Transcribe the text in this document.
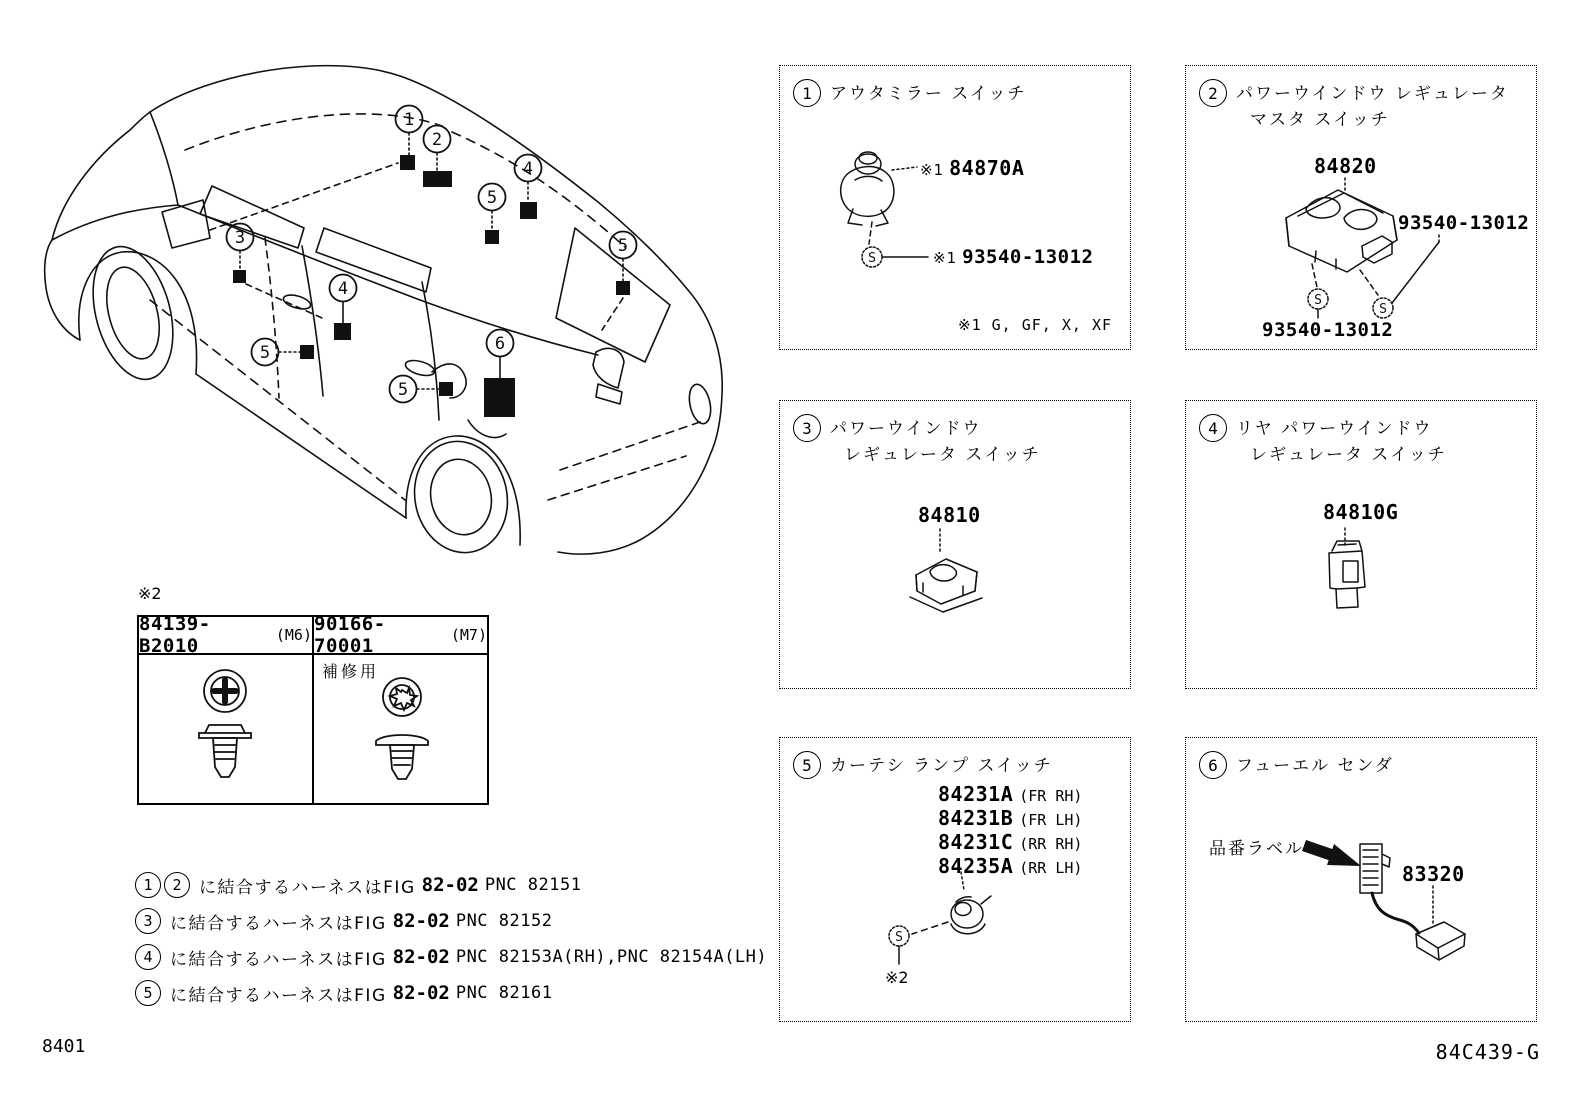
1
2
5
4
5
3
4
5
5
6
S
1	アウタミラー スイッチ
※1 84870A
※1 93540-13012
※1 G, GF, X, XF
S
S
2	パワーウインドウ レギュレータ
マスタ スイッチ
84820
93540-13012
93540-13012
3	パワーウインドウ
レギュレータ スイッチ
84810
4	リヤ パワーウインドウ
レギュレータ スイッチ
84810G
S
5	カーテシ ランプ スイッチ
84231A (FR RH)
84231B (FR LH)
84231C (RR RH)
84235A (RR LH)
※2
6	フューエル センダ
品番ラベル
83320
※2
84139-B2010	(M6) 90166-70001	(M7)
補修用
1	2	に結合するハーネスはFIG 82-02 PNC 82151
3	に結合するハーネスはFIG 82-02 PNC 82152
4	に結合するハーネスはFIG 82-02 PNC 82153A(RH),PNC 82154A(LH)
5	に結合するハーネスはFIG 82-02 PNC 82161
8401	84C439-G
